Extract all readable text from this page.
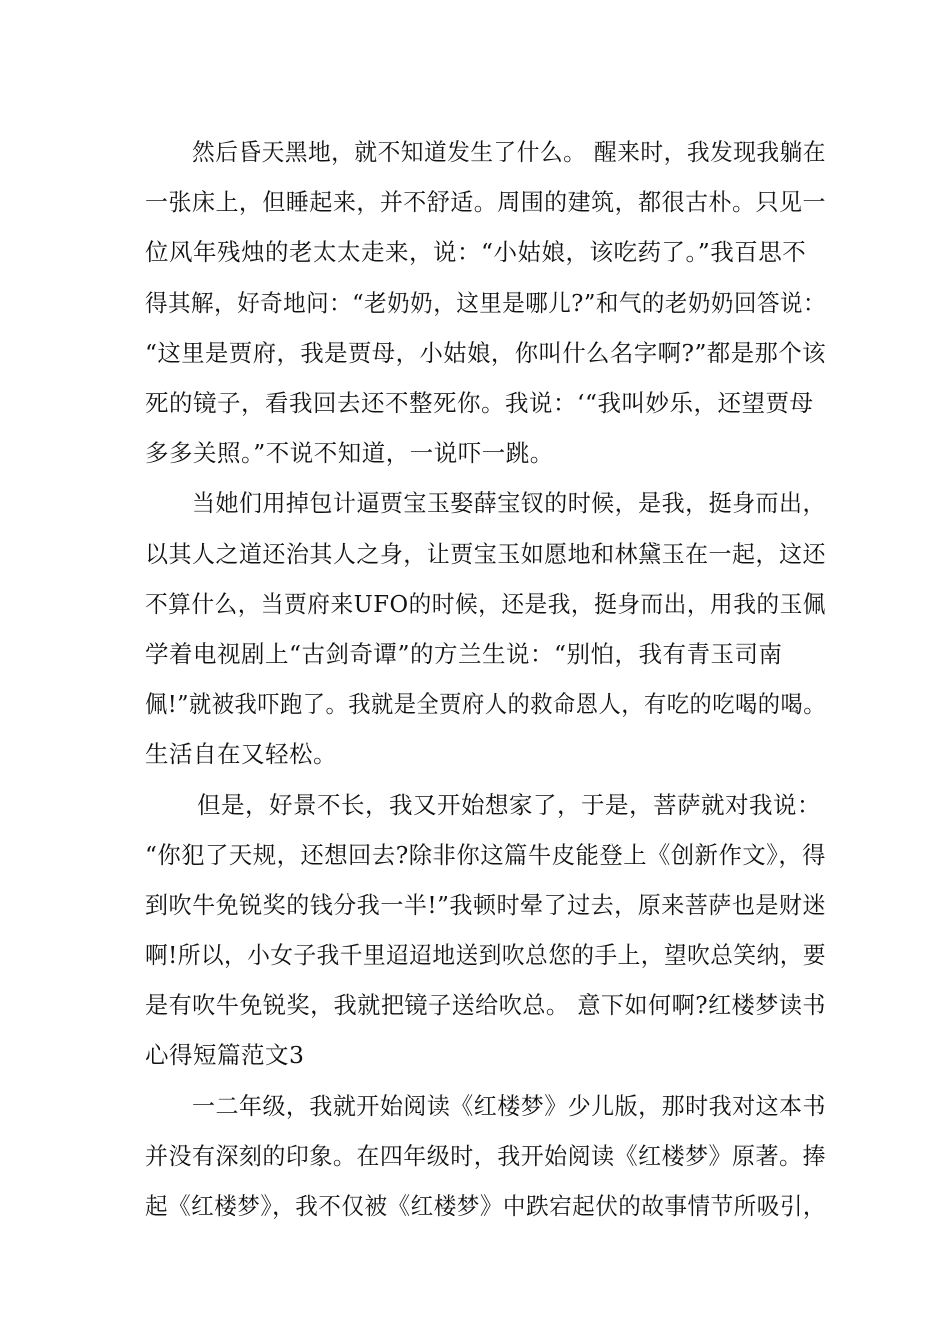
然后昏天黑地，就不知道发生了什么。 醒来时，我发现我躺在
一张床上，但睡起来，并不舒适。周围的建筑，都很古朴。只见一
位风年残烛的老太太走来，说：“小姑娘，该吃药了。”我百思不
得其解，好奇地问：“老奶奶，这里是哪儿?”和气的老奶奶回答说：
“这里是贾府，我是贾母，小姑娘，你叫什么名字啊?”都是那个该
死的镜子，看我回去还不整死你。我说：‘“我叫妙乐，还望贾母
多多关照。”不说不知道，一说吓一跳。
当她们用掉包计逼贾宝玉娶薛宝钗的时候，是我，挺身而出，
以其人之道还治其人之身，让贾宝玉如愿地和林黛玉在一起，这还
不算什么，当贾府来UFO的时候，还是我，挺身而出，用我的玉佩
学着电视剧上“古剑奇谭”的方兰生说：“别怕，我有青玉司南
佩!”就被我吓跑了。我就是全贾府人的救命恩人，有吃的吃喝的喝。
生活自在又轻松。
但是，好景不长，我又开始想家了，于是，菩萨就对我说：
“你犯了天规，还想回去?除非你这篇牛皮能登上《创新作文》，得
到吹牛免锐奖的钱分我一半!”我顿时晕了过去，原来菩萨也是财迷
啊!所以，小女子我千里迢迢地送到吹总您的手上，望吹总笑纳，要
是有吹牛免锐奖，我就把镜子送给吹总。 意下如何啊?红楼梦读书
心得短篇范文3
一二年级，我就开始阅读《红楼梦》少儿版，那时我对这本书
并没有深刻的印象。在四年级时，我开始阅读《红楼梦》原著。捧
起《红楼梦》，我不仅被《红楼梦》中跌宕起伏的故事情节所吸引，
